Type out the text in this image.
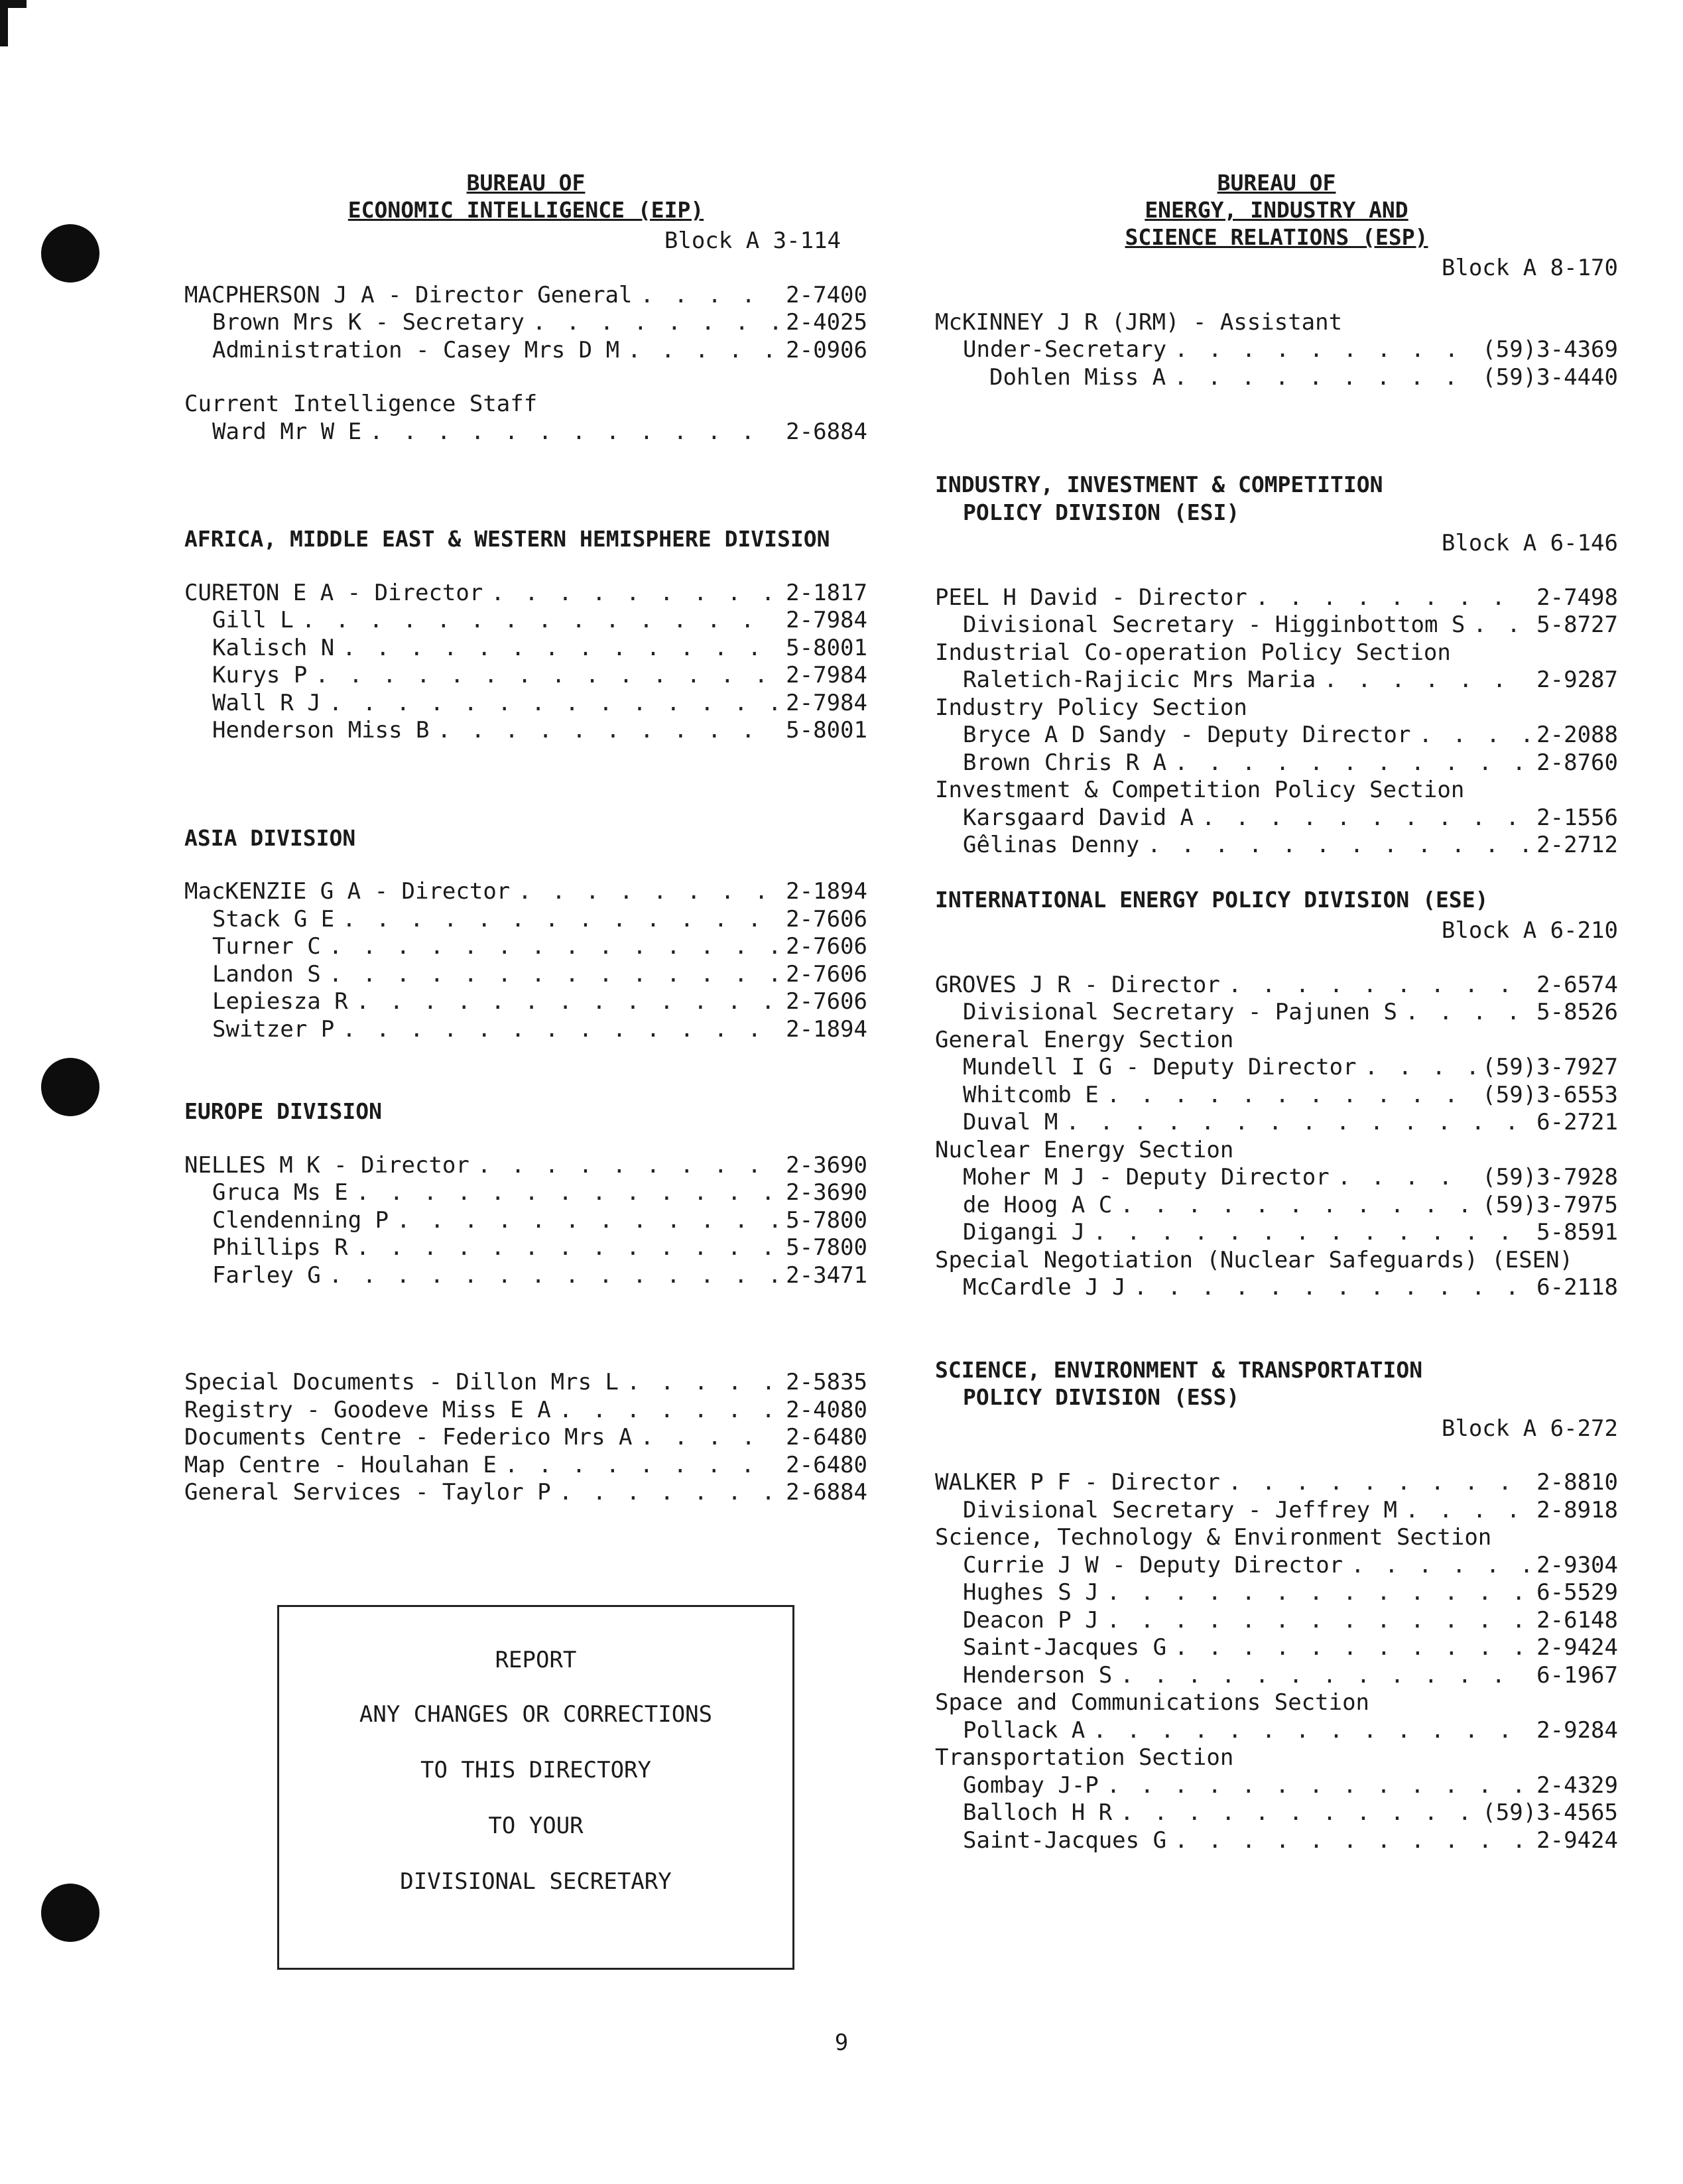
BUREAU OF
ECONOMIC INTELLIGENCE (EIP)
Block A 3-114
MACPHERSON J A - Director General . . .	2-7400
Brown Mrs K - Secretary . . .	2-4025
Administration - Casey Mrs D M . . .	2-0906
Current Intelligence Staff
Ward Mr W E . . .	2-6884
AFRICA, MIDDLE EAST & WESTERN HEMISPHERE DIVISION
CURETON E A - Director . . .	2-1817
Gill L . . .	2-7984
Kalisch N . . .	5-8001
Kurys P . . .	2-7984
Wall R J . . .	2-7984
Henderson Miss B . . .	5-8001
ASIA DIVISION
MacKENZIE G A - Director . . .	2-1894
Stack G E . . .	2-7606
Turner C . . .	2-7606
Landon S . . .	2-7606
Lepiesza R . . .	2-7606
Switzer P . . .	2-1894
EUROPE DIVISION
NELLES M K - Director . . .	2-3690
Gruca Ms E . . .	2-3690
Clendenning P . . .	5-7800
Phillips R . . .	5-7800
Farley G . . .	2-3471
Special Documents - Dillon Mrs L . . .	2-5835
Registry - Goodeve Miss E A . . .	2-4080
Documents Centre - Federico Mrs A . . .	2-6480
Map Centre - Houlahan E . . .	2-6480
General Services - Taylor P . . .	2-6884
BUREAU OF
ENERGY, INDUSTRY AND
SCIENCE RELATIONS (ESP)
Block A 8-170
McKINNEY J R (JRM) - Assistant
Under-Secretary . . .	(59)3-4369
Dohlen Miss A . . .	(59)3-4440
INDUSTRY, INVESTMENT & COMPETITION
POLICY DIVISION (ESI)
Block A 6-146
PEEL H David - Director . . .	2-7498
Divisional Secretary - Higginbottom S . . .	5-8727
Industrial Co-operation Policy Section
Raletich-Rajicic Mrs Maria . . .	2-9287
Industry Policy Section
Bryce A D Sandy - Deputy Director . . .	2-2088
Brown Chris R A . . .	2-8760
Investment & Competition Policy Section
Karsgaard David A . . .	2-1556
Gêlinas Denny . . .	2-2712
INTERNATIONAL ENERGY POLICY DIVISION (ESE)
Block A 6-210
GROVES J R - Director . . .	2-6574
Divisional Secretary - Pajunen S . . .	5-8526
General Energy Section
Mundell I G - Deputy Director . . .	(59)3-7927
Whitcomb E . . .	(59)3-6553
Duval M . . .	6-2721
Nuclear Energy Section
Moher M J - Deputy Director . . .	(59)3-7928
de Hoog A C . . .	(59)3-7975
Digangi J . . .	5-8591
Special Negotiation (Nuclear Safeguards) (ESEN)
McCardle J J . . .	6-2118
SCIENCE, ENVIRONMENT & TRANSPORTATION
POLICY DIVISION (ESS)
Block A 6-272
WALKER P F - Director . . .	2-8810
Divisional Secretary - Jeffrey M . . .	2-8918
Science, Technology & Environment Section
Currie J W - Deputy Director . . .	2-9304
Hughes S J . . .	6-5529
Deacon P J . . .	2-6148
Saint-Jacques G . . .	2-9424
Henderson S . . .	6-1967
Space and Communications Section
Pollack A . . .	2-9284
Transportation Section
Gombay J-P . . .	2-4329
Balloch H R . . .	(59)3-4565
Saint-Jacques G . . .	2-9424
REPORT
ANY CHANGES OR CORRECTIONS
TO THIS DIRECTORY
TO YOUR
DIVISIONAL SECRETARY
9
